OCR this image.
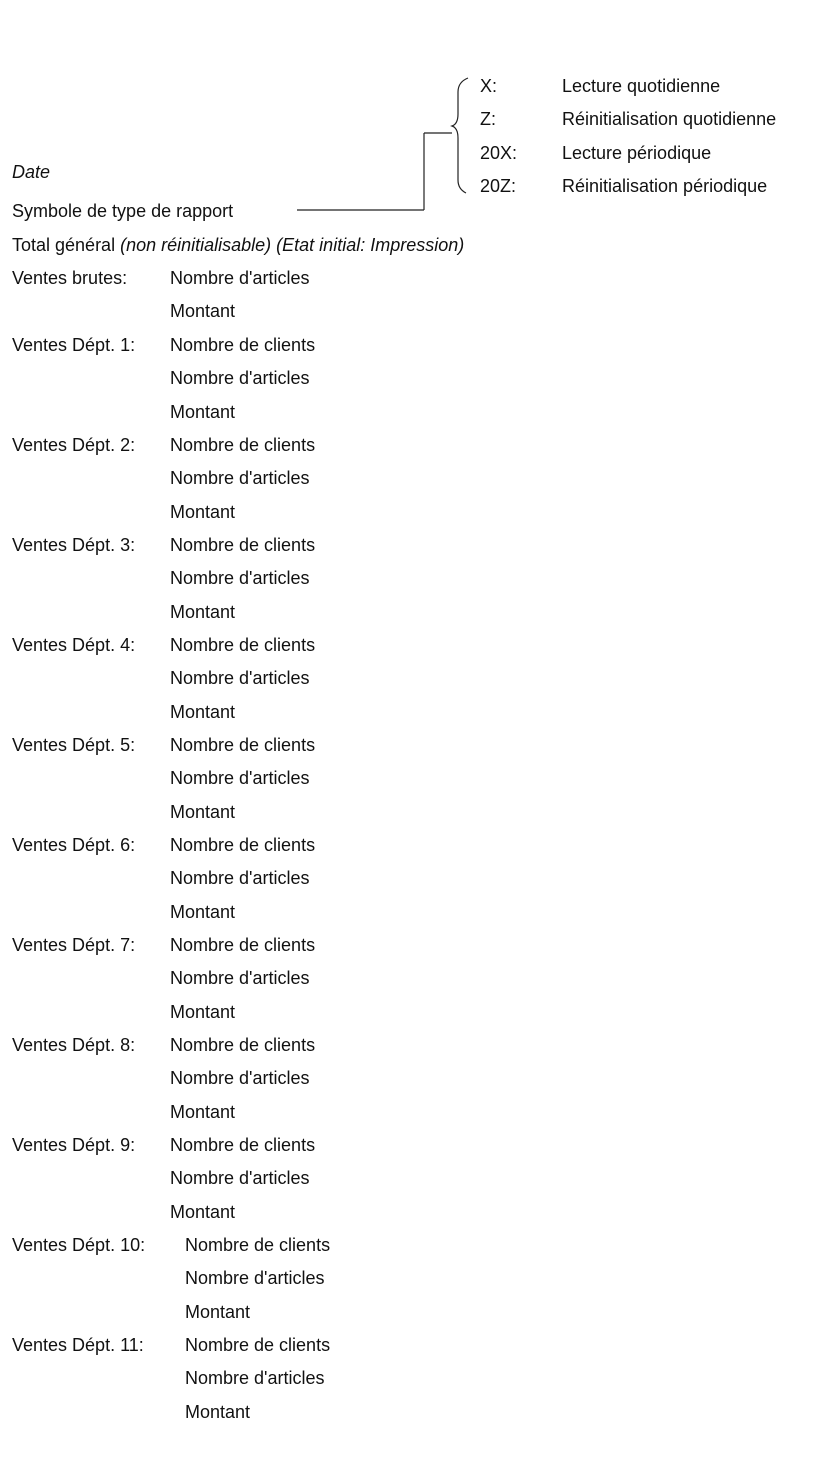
X:	Lecture quotidienne
Z:	Réinitialisation quotidienne
20X: Lecture périodique
20Z:	Réinitialisation périodique
Date
Symbole de type de rapport
Total général (non réinitialisable) (Etat initial: Impression)
Ventes brutes: Nombre d'articles
Montant
Ventes Dépt. 1: Nombre de clients
Nombre d'articles
Montant
Ventes Dépt. 2: Nombre de clients
Nombre d'articles
Montant
Ventes Dépt. 3: Nombre de clients
Nombre d'articles
Montant
Ventes Dépt. 4: Nombre de clients
Nombre d'articles
Montant
Ventes Dépt. 5: Nombre de clients
Nombre d'articles
Montant
Ventes Dépt. 6: Nombre de clients
Nombre d'articles
Montant
Ventes Dépt. 7: Nombre de clients
Nombre d'articles
Montant
Ventes Dépt. 8: Nombre de clients
Nombre d'articles
Montant
Ventes Dépt. 9: Nombre de clients
Nombre d'articles
Montant
Ventes Dépt. 10: Nombre de clients
Nombre d'articles
Montant
Ventes Dépt. 11: Nombre de clients
Nombre d'articles
Montant
